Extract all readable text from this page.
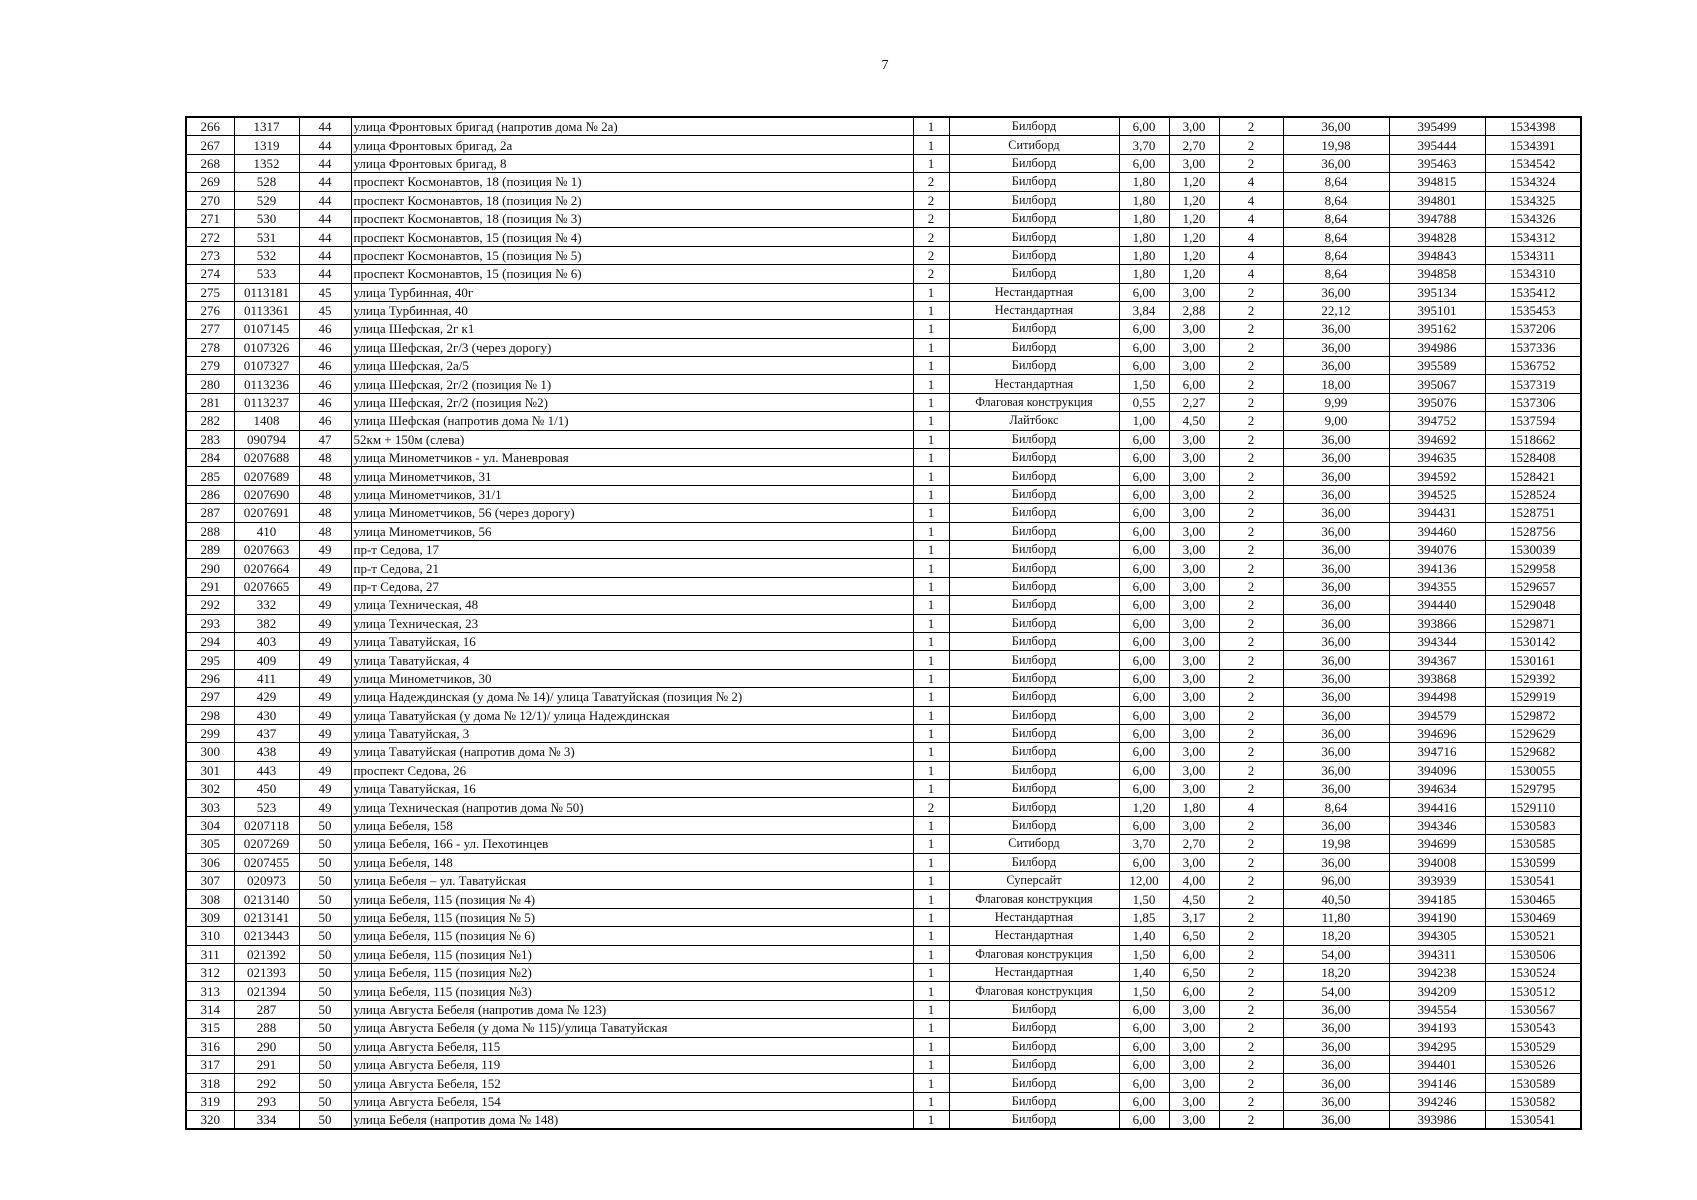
7
266	1317	44	улица Фронтовых бригад (напротив дома № 2а)	1	Билборд	6,00	3,00	2	36,00	395499	1534398
267	1319	44	улица Фронтовых бригад, 2а	1	Ситиборд	3,70	2,70	2	19,98	395444	1534391
268	1352	44	улица Фронтовых бригад, 8	1	Билборд	6,00	3,00	2	36,00	395463	1534542
269	528	44	проспект Космонавтов, 18 (позиция № 1)	2	Билборд	1,80	1,20	4	8,64	394815	1534324
270	529	44	проспект Космонавтов, 18 (позиция № 2)	2	Билборд	1,80	1,20	4	8,64	394801	1534325
271	530	44	проспект Космонавтов, 18 (позиция № 3)	2	Билборд	1,80	1,20	4	8,64	394788	1534326
272	531	44	проспект Космонавтов, 15 (позиция № 4)	2	Билборд	1,80	1,20	4	8,64	394828	1534312
273	532	44	проспект Космонавтов, 15 (позиция № 5)	2	Билборд	1,80	1,20	4	8,64	394843	1534311
274	533	44	проспект Космонавтов, 15 (позиция № 6)	2	Билборд	1,80	1,20	4	8,64	394858	1534310
275	0113181	45	улица Турбинная, 40г	1	Нестандартная	6,00	3,00	2	36,00	395134	1535412
276	0113361	45	улица Турбинная, 40	1	Нестандартная	3,84	2,88	2	22,12	395101	1535453
277	0107145	46	улица Шефская, 2г к1	1	Билборд	6,00	3,00	2	36,00	395162	1537206
278	0107326	46	улица Шефская, 2г/3 (через дорогу)	1	Билборд	6,00	3,00	2	36,00	394986	1537336
279	0107327	46	улица Шефская, 2а/5	1	Билборд	6,00	3,00	2	36,00	395589	1536752
280	0113236	46	улица Шефская, 2г/2 (позиция № 1)	1	Нестандартная	1,50	6,00	2	18,00	395067	1537319
281	0113237	46	улица Шефская, 2г/2 (позиция №2)	1	Флаговая конструкция	0,55	2,27	2	9,99	395076	1537306
282	1408	46	улица Шефская (напротив дома № 1/1)	1	Лайтбокс	1,00	4,50	2	9,00	394752	1537594
283	090794	47	52км + 150м (слева)	1	Билборд	6,00	3,00	2	36,00	394692	1518662
284	0207688	48	улица Минометчиков - ул. Маневровая	1	Билборд	6,00	3,00	2	36,00	394635	1528408
285	0207689	48	улица Минометчиков, 31	1	Билборд	6,00	3,00	2	36,00	394592	1528421
286	0207690	48	улица Минометчиков, 31/1	1	Билборд	6,00	3,00	2	36,00	394525	1528524
287	0207691	48	улица Минометчиков, 56 (через дорогу)	1	Билборд	6,00	3,00	2	36,00	394431	1528751
288	410	48	улица Минометчиков, 56	1	Билборд	6,00	3,00	2	36,00	394460	1528756
289	0207663	49	пр-т Седова, 17	1	Билборд	6,00	3,00	2	36,00	394076	1530039
290	0207664	49	пр-т Седова, 21	1	Билборд	6,00	3,00	2	36,00	394136	1529958
291	0207665	49	пр-т Седова, 27	1	Билборд	6,00	3,00	2	36,00	394355	1529657
292	332	49	улица Техническая, 48	1	Билборд	6,00	3,00	2	36,00	394440	1529048
293	382	49	улица Техническая, 23	1	Билборд	6,00	3,00	2	36,00	393866	1529871
294	403	49	улица Таватуйская, 16	1	Билборд	6,00	3,00	2	36,00	394344	1530142
295	409	49	улица Таватуйская, 4	1	Билборд	6,00	3,00	2	36,00	394367	1530161
296	411	49	улица Минометчиков, 30	1	Билборд	6,00	3,00	2	36,00	393868	1529392
297	429	49	улица Надеждинская (у дома № 14)/ улица Таватуйская (позиция № 2)	1	Билборд	6,00	3,00	2	36,00	394498	1529919
298	430	49	улица Таватуйская (у дома № 12/1)/ улица Надеждинская	1	Билборд	6,00	3,00	2	36,00	394579	1529872
299	437	49	улица Таватуйская, 3	1	Билборд	6,00	3,00	2	36,00	394696	1529629
300	438	49	улица Таватуйская (напротив дома № 3)	1	Билборд	6,00	3,00	2	36,00	394716	1529682
301	443	49	проспект Седова, 26	1	Билборд	6,00	3,00	2	36,00	394096	1530055
302	450	49	улица Таватуйская, 16	1	Билборд	6,00	3,00	2	36,00	394634	1529795
303	523	49	улица Техническая (напротив дома № 50)	2	Билборд	1,20	1,80	4	8,64	394416	1529110
304	0207118	50	улица Бебеля, 158	1	Билборд	6,00	3,00	2	36,00	394346	1530583
305	0207269	50	улица Бебеля, 166 - ул. Пехотинцев	1	Ситиборд	3,70	2,70	2	19,98	394699	1530585
306	0207455	50	улица Бебеля, 148	1	Билборд	6,00	3,00	2	36,00	394008	1530599
307	020973	50	улица Бебеля – ул. Таватуйская	1	Суперсайт	12,00	4,00	2	96,00	393939	1530541
308	0213140	50	улица Бебеля, 115 (позиция № 4)	1	Флаговая конструкция	1,50	4,50	2	40,50	394185	1530465
309	0213141	50	улица Бебеля, 115 (позиция № 5)	1	Нестандартная	1,85	3,17	2	11,80	394190	1530469
310	0213443	50	улица Бебеля, 115 (позиция № 6)	1	Нестандартная	1,40	6,50	2	18,20	394305	1530521
311	021392	50	улица Бебеля, 115 (позиция №1)	1	Флаговая конструкция	1,50	6,00	2	54,00	394311	1530506
312	021393	50	улица Бебеля, 115 (позиция №2)	1	Нестандартная	1,40	6,50	2	18,20	394238	1530524
313	021394	50	улица Бебеля, 115 (позиция №3)	1	Флаговая конструкция	1,50	6,00	2	54,00	394209	1530512
314	287	50	улица Августа Бебеля (напротив дома № 123)	1	Билборд	6,00	3,00	2	36,00	394554	1530567
315	288	50	улица Августа Бебеля (у дома № 115)/улица Таватуйская	1	Билборд	6,00	3,00	2	36,00	394193	1530543
316	290	50	улица Августа Бебеля, 115	1	Билборд	6,00	3,00	2	36,00	394295	1530529
317	291	50	улица Августа Бебеля, 119	1	Билборд	6,00	3,00	2	36,00	394401	1530526
318	292	50	улица Августа Бебеля, 152	1	Билборд	6,00	3,00	2	36,00	394146	1530589
319	293	50	улица Августа Бебеля, 154	1	Билборд	6,00	3,00	2	36,00	394246	1530582
320	334	50	улица Бебеля (напротив дома № 148)	1	Билборд	6,00	3,00	2	36,00	393986	1530541
